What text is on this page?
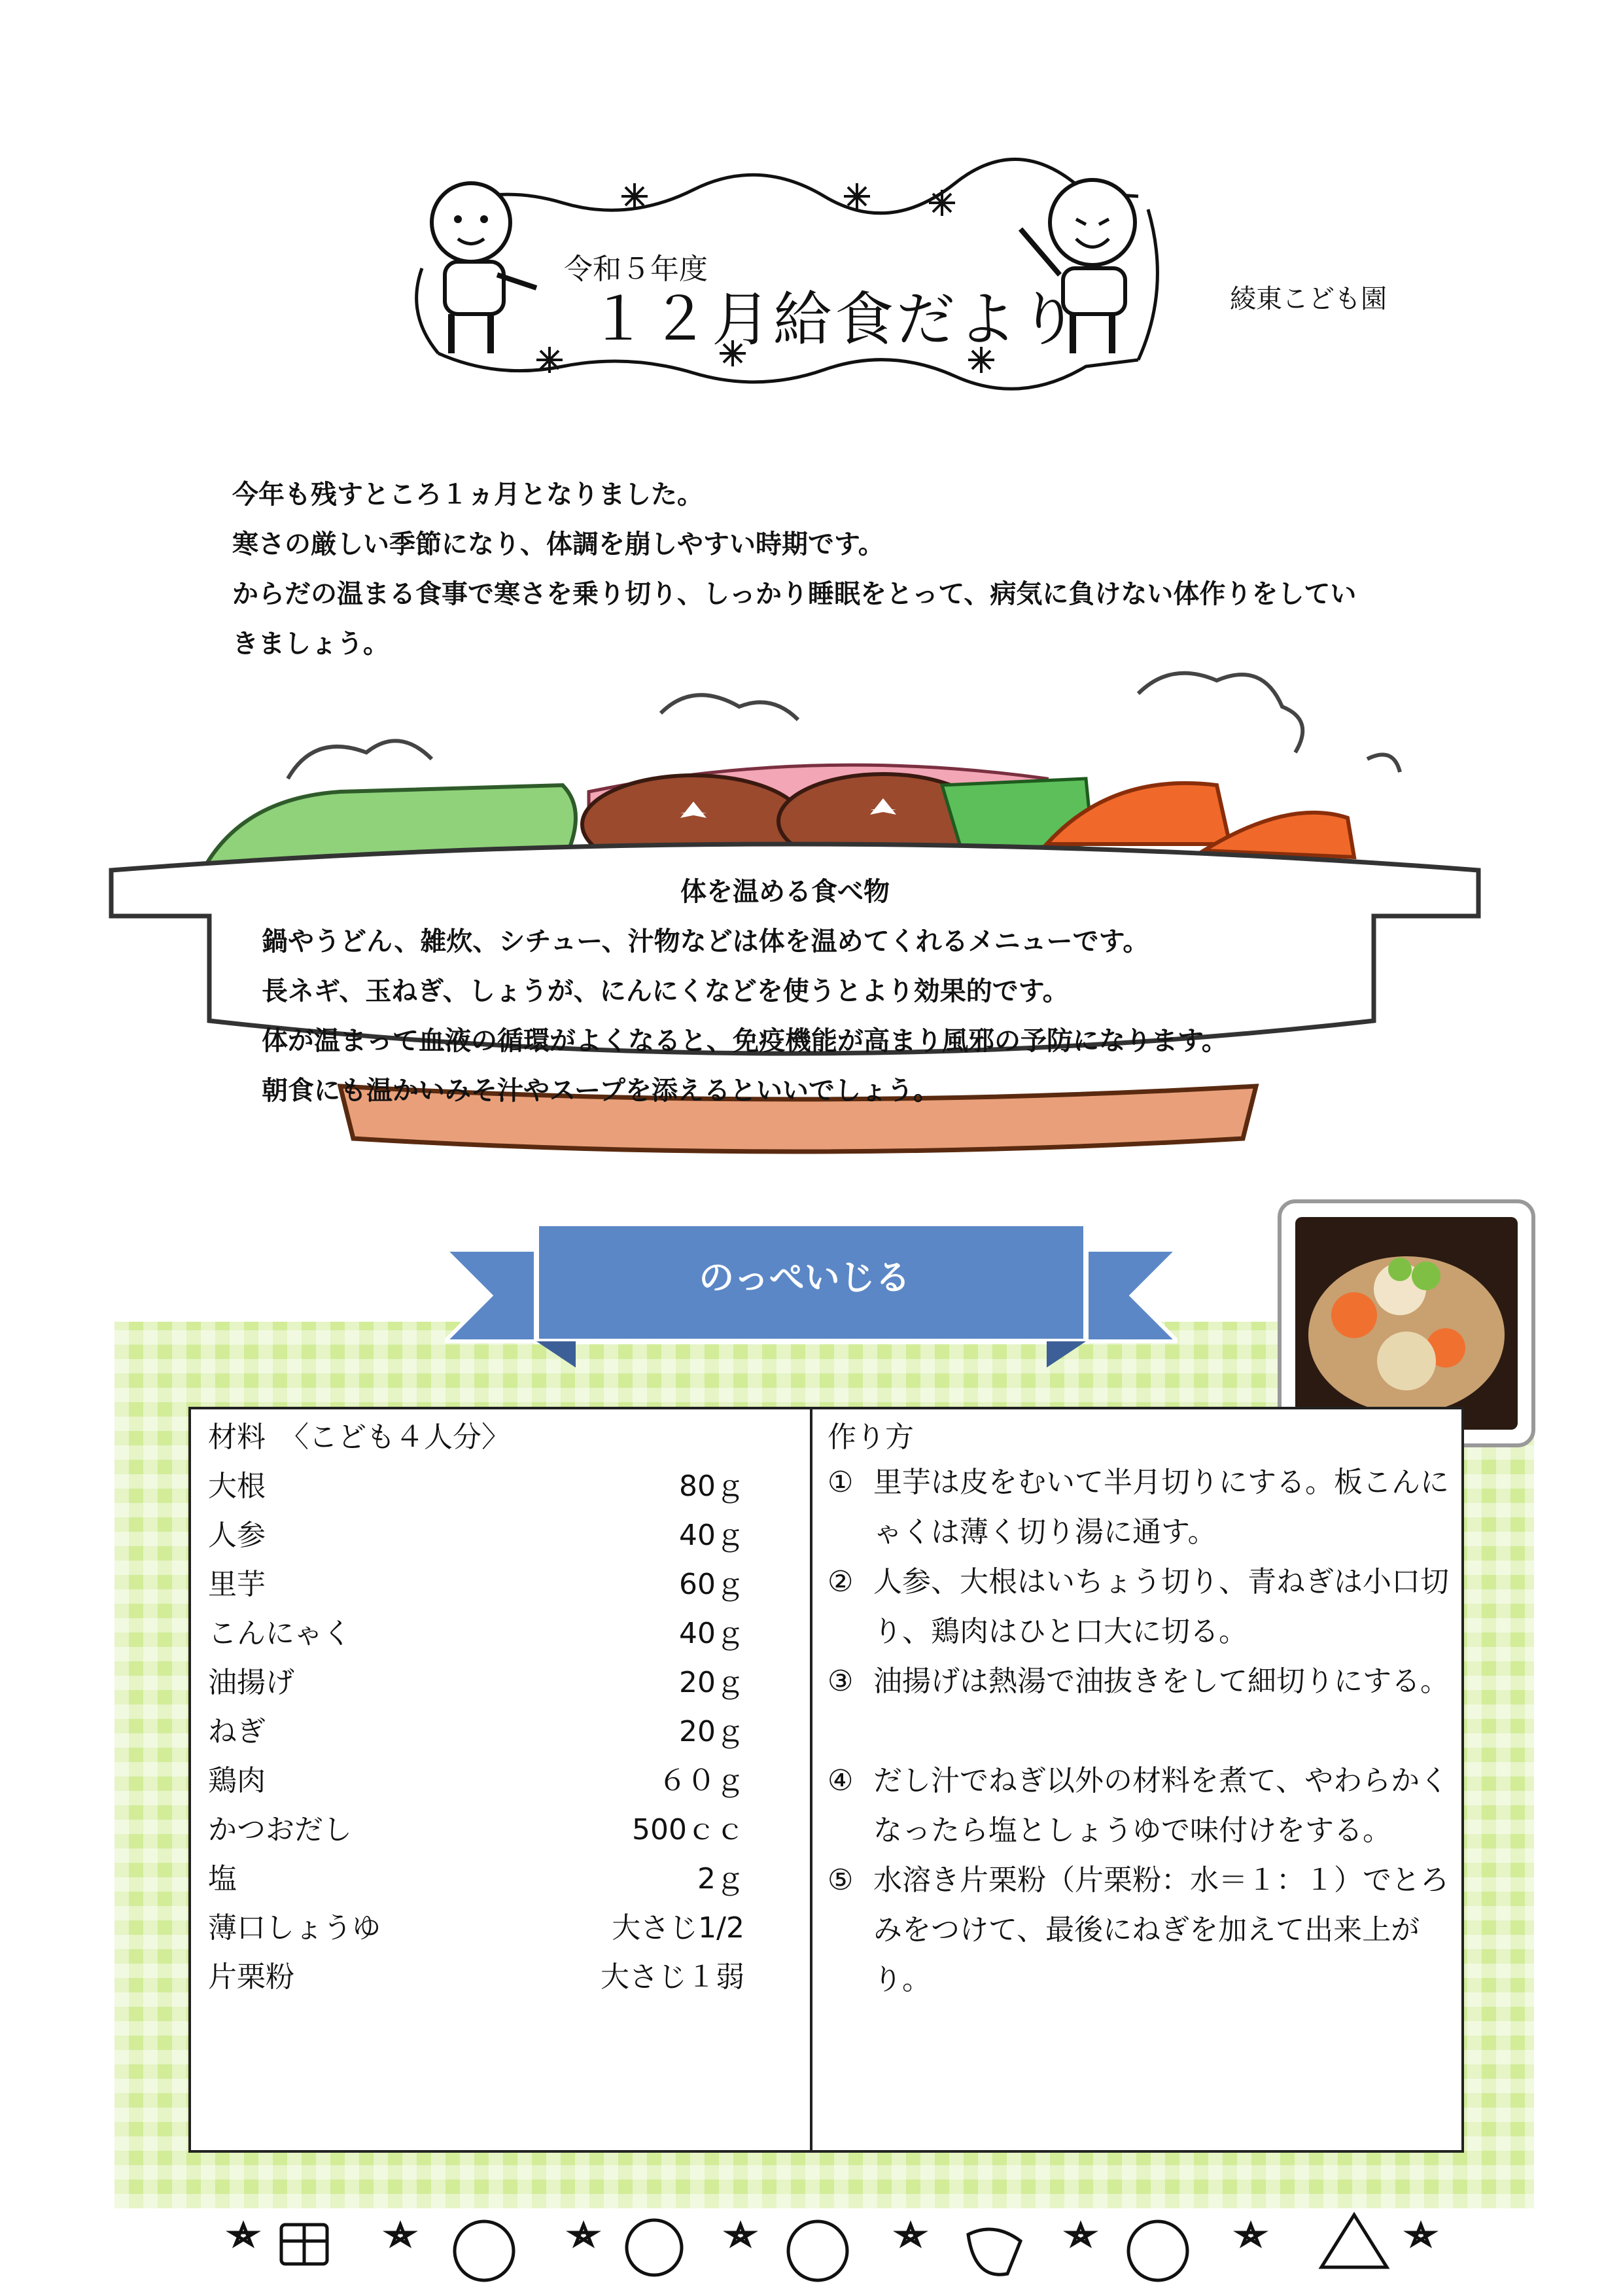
令和５年度
１２月給食だより	綾東こども園

今年も残すところ１ヵ月となりました。

寒さの厳しい季節になり、体調を崩しやすい時期です。

からだの温まる食事で寒さを乗り切り、しっかり睡眠をとって、病気に負けない体作りをしてい

きましょう。

体を温める食べ物

鍋やうどん、雑炊、シチュー、汁物などは体を温めてくれるメニューです。

長ネギ、玉ねぎ、しょうが、にんにくなどを使うとより効果的です。

体が温まって血液の循環がよくなると、免疫機能が高まり風邪の予防になります。

朝食にも温かいみそ汁やスープを添えるといいでしょう。

のっぺいじる
材料　〈こども４人分〉
大根	80ｇ
人参	40ｇ
里芋	60ｇ
こんにゃく	40ｇ
油揚げ	20ｇ
ねぎ	20ｇ
鶏肉	６０ｇ
かつおだし	500ｃｃ
塩	2ｇ
薄口しょうゆ	大さじ1/2
片栗粉	大さじ１弱
作り方
① 里芋は皮をむいて半月切りにする。板こんにゃくは薄く切り湯に通す。
② 人参、大根はいちょう切り、青ねぎは小口切り、鶏肉はひと口大に切る。
③ 油揚げは熱湯で油抜きをして細切りにする。
④ だし汁でねぎ以外の材料を煮て、やわらかくなったら塩としょうゆで味付けをする。
⑤ 水溶き片栗粉（片栗粉：水＝１：１）でとろみをつけて、最後にねぎを加えて出来上がり。
